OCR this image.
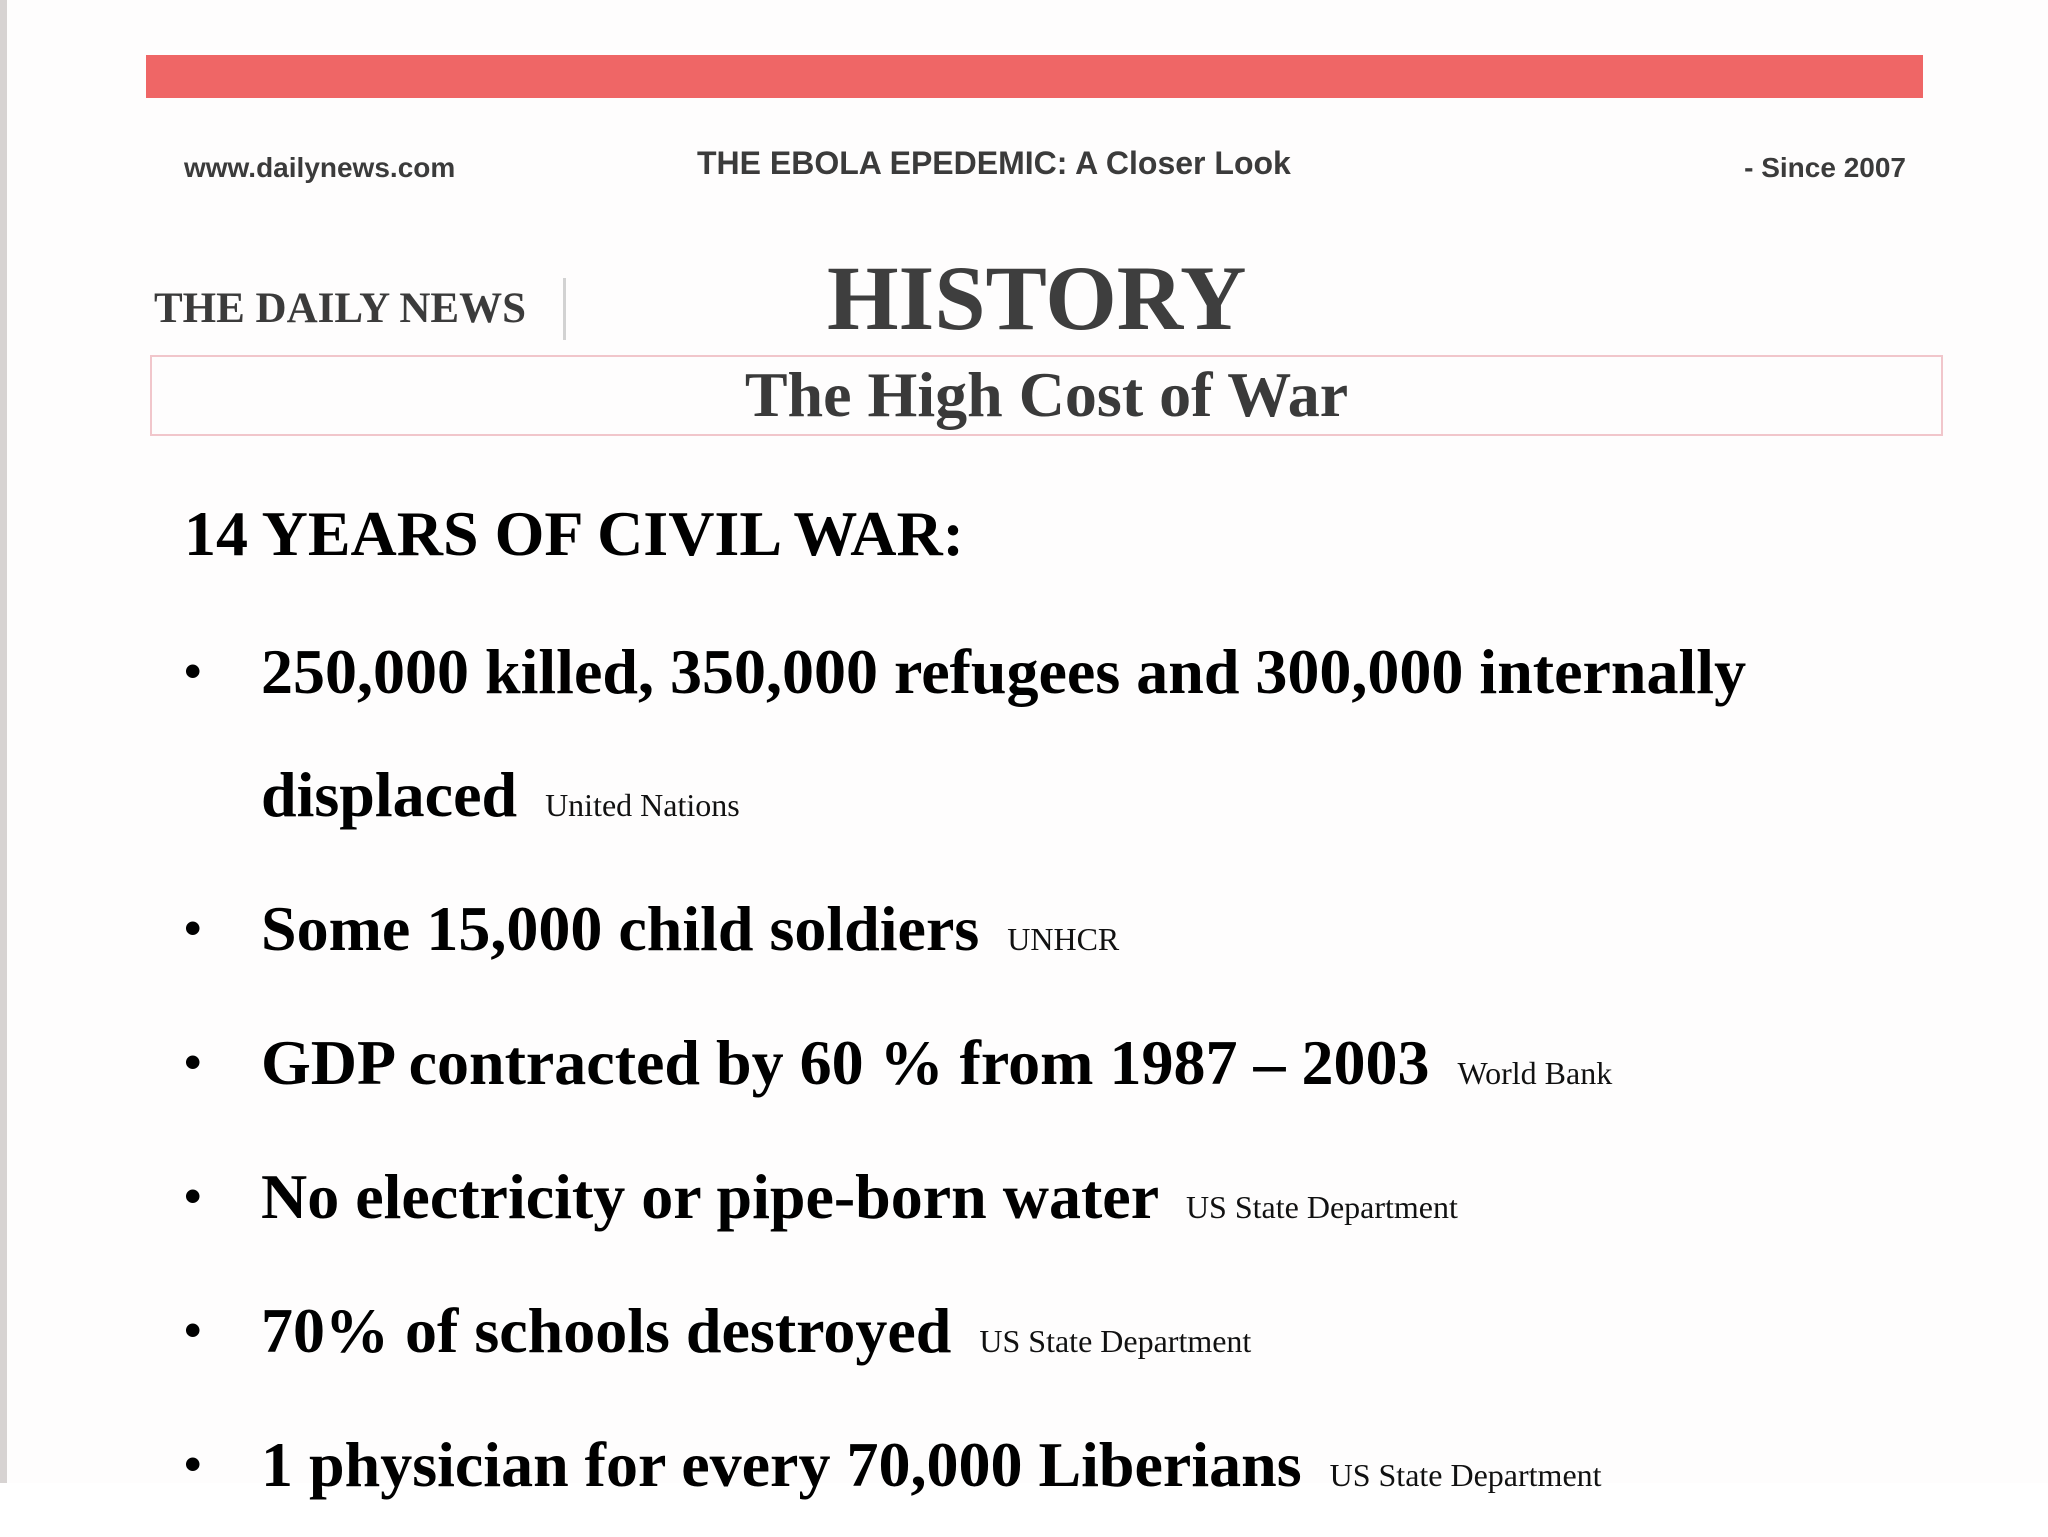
www.dailynews.com	THE EBOLA EPEDEMIC: A Closer Look	- Since 2007
THE DAILY NEWS	HISTORY
The High Cost of War
14 YEARS OF CIVIL WAR:
• 250,000 killed, 350,000 refugees and 300,000 internally displaced United Nations
• Some 15,000 child soldiers UNHCR
• GDP contracted by 60 % from 1987 – 2003 World Bank
• No electricity or pipe-born water US State Department
• 70% of schools destroyed US State Department
• 1 physician for every 70,000 Liberians US State Department
